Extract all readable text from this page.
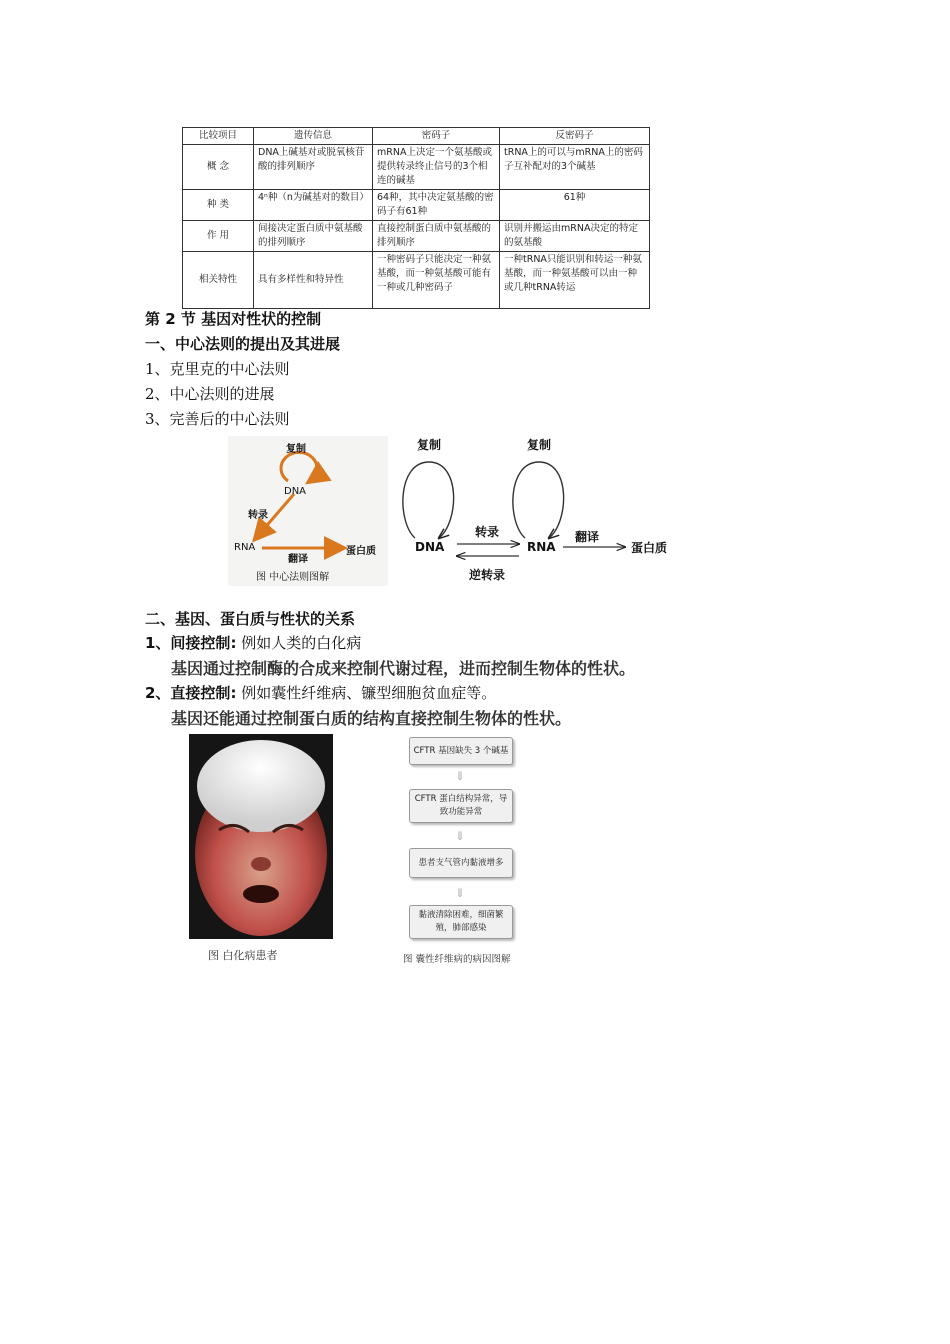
比较项目	遗传信息	密码子	反密码子
概 念	DNA上碱基对或脱氧核苷酸的排列顺序	mRNA上决定一个氨基酸或提供转录终止信号的3个相连的碱基	tRNA上的可以与mRNA上的密码子互补配对的3个碱基
种 类	4ⁿ种（n为碱基对的数目）	64种，其中决定氨基酸的密码子有61种	61种
作 用	间接决定蛋白质中氨基酸的排列顺序	直接控制蛋白质中氨基酸的排列顺序	识别并搬运由mRNA决定的特定的氨基酸
相关特性	具有多样性和特异性	一种密码子只能决定一种氨基酸，而一种氨基酸可能有一种或几种密码子	一种tRNA只能识别和转运一种氨基酸，而一种氨基酸可以由一种或几种tRNA转运
第 2 节 基因对性状的控制
一、中心法则的提出及其进展
1、克里克的中心法则
2、中心法则的进展
3、完善后的中心法则
复制
DNA
转录
RNA
翻译
蛋白质
图 中心法则图解
复制	复制
DNA	RNA
转录
逆转录
翻译
蛋白质
二、基因、蛋白质与性状的关系
1、间接控制: 例如人类的白化病
基因通过控制酶的合成来控制代谢过程，进而控制生物体的性状。
2、直接控制: 例如囊性纤维病、镰型细胞贫血症等。
基因还能通过控制蛋白质的结构直接控制生物体的性状。
图 白化病患者
CFTR 基因缺失 3 个碱基
⇓
CFTR 蛋白结构异常，导致功能异常
⇓
患者支气管内黏液增多
⇓
黏液清除困难，细菌繁殖，肺部感染
图 囊性纤维病的病因图解
